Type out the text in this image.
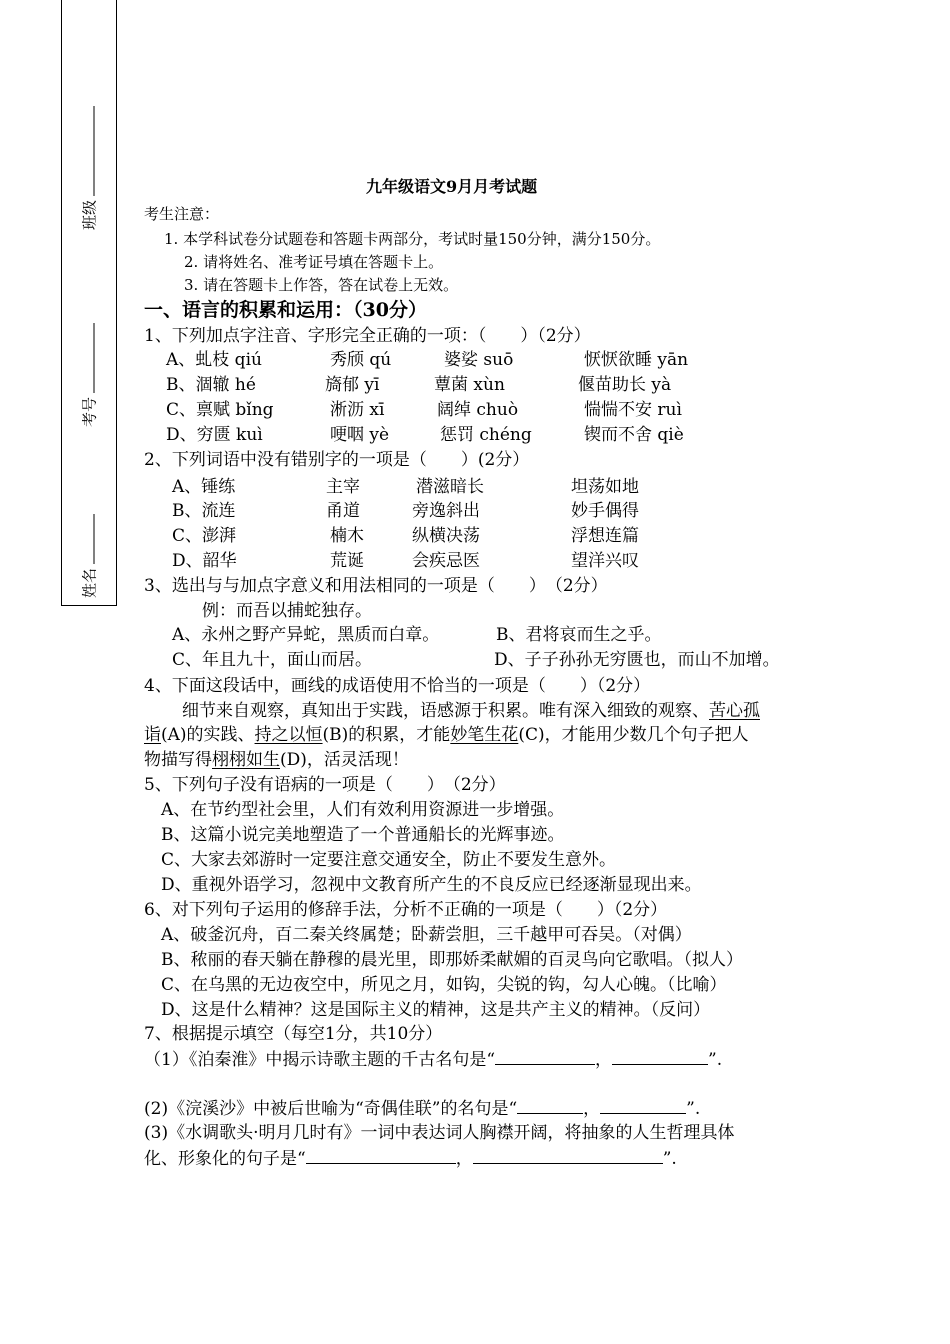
班级
考号
姓名
九年级语文9月月考试题
考生注意：
1. 本学科试卷分试题卷和答题卡两部分，考试时量150分钟，满分150分。
2. 请将姓名、准考证号填在答题卡上。
3. 请在答题卡上作答，答在试卷上无效。
一、语言的积累和运用：（30分）
1、下列加点字注音、字形完全正确的一项：（　　）（2分）
A、虬枝 qiú	秀颀 qú	婆娑 suō	恹恹欲睡 yān
B、涸辙 hé	旖郁 yī	蕈菌 xùn	偃苗助长 yà
C、禀赋 bǐng	淅沥 xī	阔绰 chuò	惴惴不安 ruì
D、穷匮 kuì	哽咽 yè	惩罚 chéng	锲而不舍 qiè
2、下列词语中没有错别字的一项是（　　）(2分）
A、锤练	主宰	潜滋暗长	坦荡如地
B、流连	甬道	旁逸斜出	妙手偶得
C、澎湃	楠木	纵横决荡	浮想连篇
D、韶华	荒诞	会疾忌医	望洋兴叹
3、选出与与加点字意义和用法相同的一项是（　　）　（2分）
例：而吾以捕蛇独存。
A、永州之野产异蛇，黑质而白章。	B、君将哀而生之乎。
C、年且九十，面山而居。	D、子子孙孙无穷匮也，而山不加增。
4、下面这段话中，画线的成语使用不恰当的一项是（　　）（2分）
细节来自观察，真知出于实践，语感源于积累。唯有深入细致的观察、苦心孤
诣(A)的实践、持之以恒(B)的积累，才能妙笔生花(C)，才能用少数几个句子把人
物描写得栩栩如生(D)，活灵活现！
5、下列句子没有语病的一项是（　　）　（2分）
A、在节约型社会里，人们有效利用资源进一步增强。
B、这篇小说完美地塑造了一个普通船长的光辉事迹。
C、大家去郊游时一定要注意交通安全，防止不要发生意外。
D、重视外语学习，忽视中文教育所产生的不良反应已经逐渐显现出来。
6、对下列句子运用的修辞手法，分析不正确的一项是（　　）（2分）
A、破釜沉舟，百二秦关终属楚；卧薪尝胆，三千越甲可吞吴。（对偶）
B、秾丽的春天躺在静穆的晨光里，即那娇柔献媚的百灵鸟向它歌唱。（拟人）
C、在乌黑的无边夜空中，所见之月，如钩，尖锐的钩，勾人心魄。（比喻）
D、这是什么精神？这是国际主义的精神，这是共产主义的精神。（反问）
7、根据提示填空（每空1分，共10分）
（1）《泊秦淮》中揭示诗歌主题的千古名句是“	，	”.
(2)《浣溪沙》中被后世喻为“奇偶佳联”的名句是“	，	”.
(3)《水调歌头·明月几时有》一词中表达词人胸襟开阔，将抽象的人生哲理具体
化、形象化的句子是“	，	”.
